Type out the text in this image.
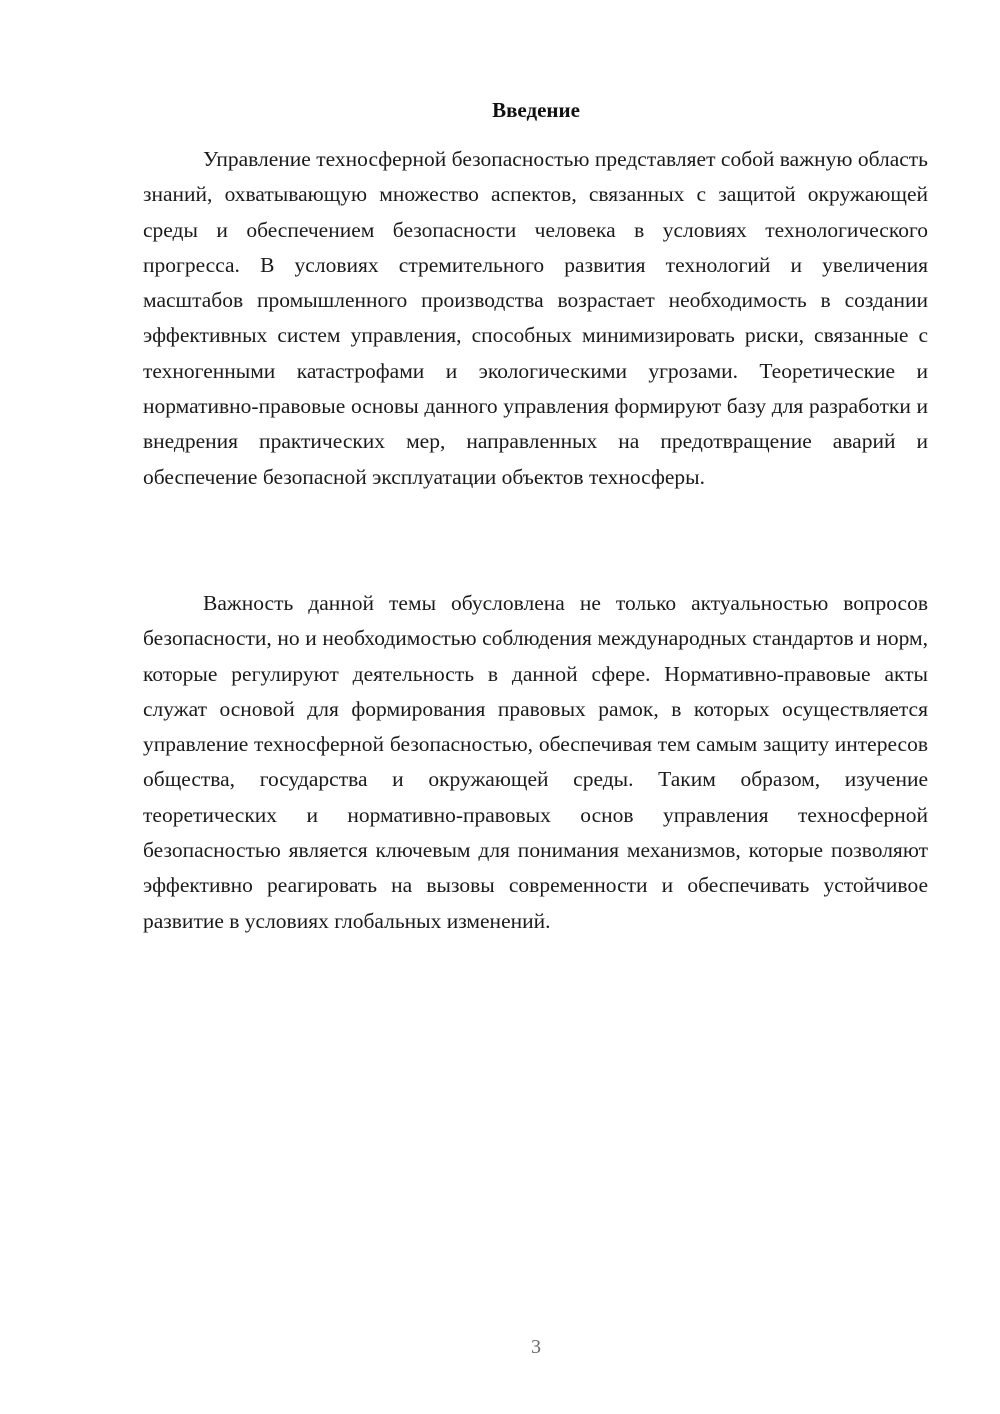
Введение

Управление техносферной безопасностью представляет собой важную область знаний, охватывающую множество аспектов, связанных с защитой окружающей среды и обеспечением безопасности человека в условиях технологического прогресса. В условиях стремительного развития технологий и увеличения масштабов промышленного производства возрастает необходимость в создании эффективных систем управления, способных минимизировать риски, связанные с техногенными катастрофами и экологическими угрозами. Теоретические и нормативно-правовые основы данного управления формируют базу для разработки и внедрения практических мер, направленных на предотвращение аварий и обеспечение безопасной эксплуатации объектов техносферы.

Важность данной темы обусловлена не только актуальностью вопросов безопасности, но и необходимостью соблюдения международных стандартов и норм, которые регулируют деятельность в данной сфере. Нормативно-правовые акты служат основой для формирования правовых рамок, в которых осуществляется управление техносферной безопасностью, обеспечивая тем самым защиту интересов общества, государства и окружающей среды. Таким образом, изучение теоретических и нормативно-правовых основ управления техносферной безопасностью является ключевым для понимания механизмов, которые позволяют эффективно реагировать на вызовы современности и обеспечивать устойчивое развитие в условиях глобальных изменений.

3
